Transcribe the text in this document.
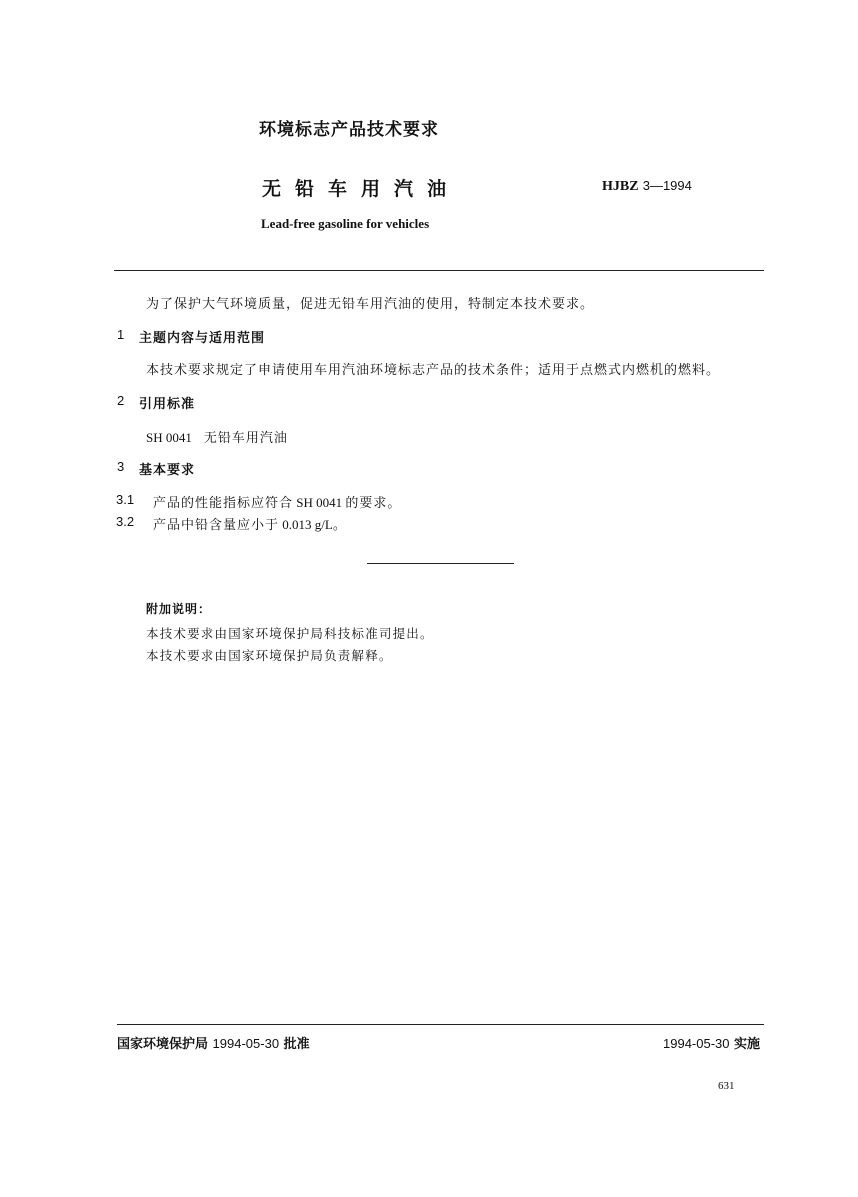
环境标志产品技术要求
无铅车用汽油	HJBZ 3—1994
Lead-free gasoline for vehicles
为了保护大气环境质量，促进无铅车用汽油的使用，特制定本技术要求。
1 主题内容与适用范围
本技术要求规定了申请使用车用汽油环境标志产品的技术条件；适用于点燃式内燃机的燃料。
2 引用标准
SH 0041 无铅车用汽油
3 基本要求
3.1 产品的性能指标应符合 SH 0041 的要求。
3.2 产品中铅含量应小于 0.013 g/L。
附加说明：
本技术要求由国家环境保护局科技标准司提出。
本技术要求由国家环境保护局负责解释。
国家环境保护局 1994-05-30 批准	1994-05-30 实施
631
